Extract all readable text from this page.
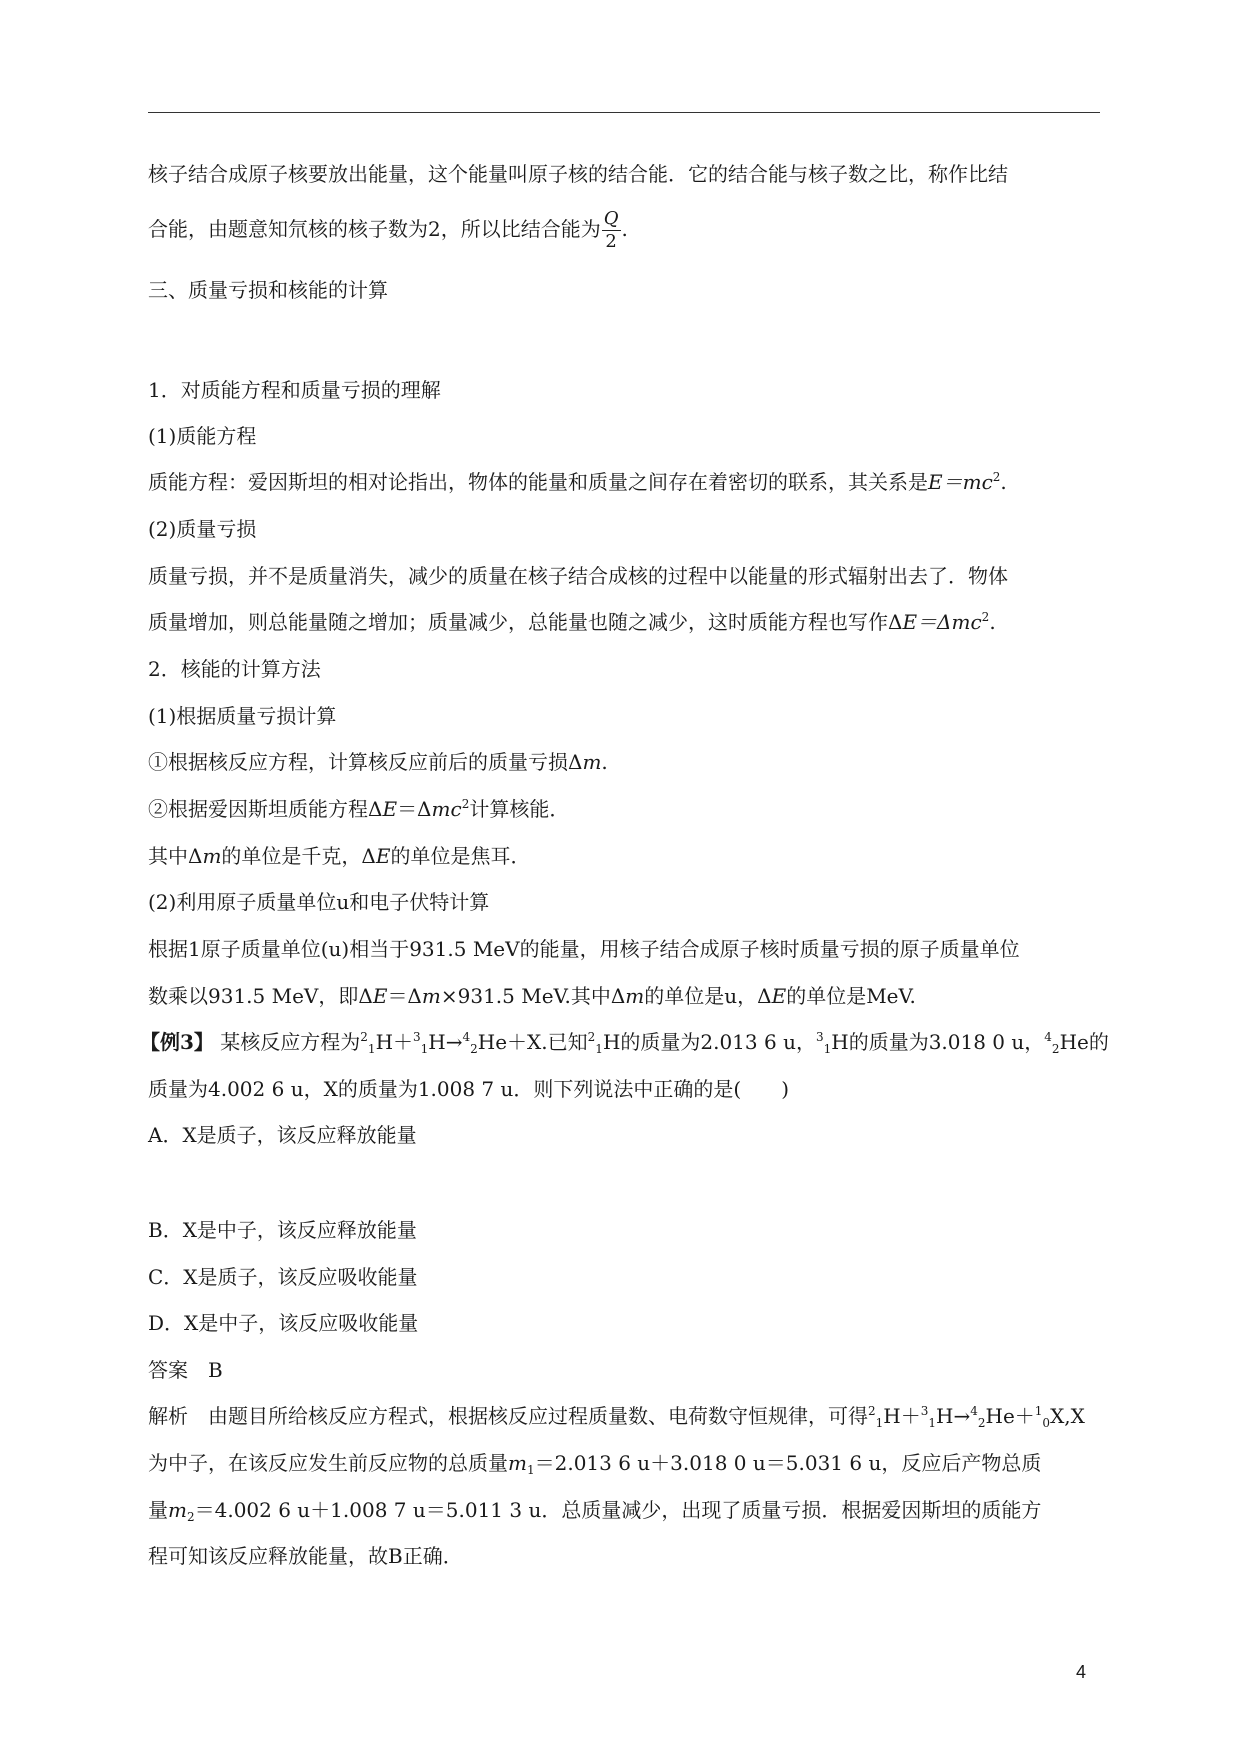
核子结合成原子核要放出能量，这个能量叫原子核的结合能．它的结合能与核子数之比，称作比结
合能，由题意知氘核的核子数为2，所以比结合能为 $\frac{Q}{2}$ .
三、质量亏损和核能的计算
1．对质能方程和质量亏损的理解
(1)质能方程
质能方程：爱因斯坦的相对论指出，物体的能量和质量之间存在着密切的联系，其关系是$E=mc^2$.
(2)质量亏损
质量亏损，并不是质量消失，减少的质量在核子结合成核的过程中以能量的形式辐射出去了．物体
质量增加，则总能量随之增加；质量减少，总能量也随之减少，这时质能方程也写作ΔE＝Δmc$^2$.
2．核能的计算方法
(1)根据质量亏损计算
①根据核反应方程，计算核反应前后的质量亏损Δm.
②根据爱因斯坦质能方程ΔE＝Δmc$^2$计算核能．
其中Δm的单位是千克，ΔE的单位是焦耳．
(2)利用原子质量单位u和电子伏特计算
根据1原子质量单位(u)相当于931.5 MeV的能量，用核子结合成原子核时质量亏损的原子质量单位
数乘以931.5 MeV，即ΔE＝Δm×931.5 MeV.其中Δm的单位是u，ΔE的单位是MeV.
【例3】 某核反应方程为$^2_1$H＋$^3_1$H→$^4_2$He＋X.已知$^2_1$H的质量为2.013 6 u，$^3_1$H的质量为3.018 0 u，$^4_2$He的
质量为4.002 6 u，X的质量为1.008 7 u．则下列说法中正确的是(　　)
A．X是质子，该反应释放能量
B．X是中子，该反应释放能量
C．X是质子，该反应吸收能量
D．X是中子，该反应吸收能量
答案　B
解析　由题目所给核反应方程式，根据核反应过程质量数、电荷数守恒规律，可得$^2_1$H＋$^3_1$H→$^4_2$He＋$^1_0$X,X
为中子，在该反应发生前反应物的总质量$m_1=2.013$ 6 u＋3.018 0 u＝5.031 6 u，反应后产物总质
量$m_2=4.002$ 6 u＋1.008 7 u＝5.011 3 u．总质量减少，出现了质量亏损．根据爱因斯坦的质能方
程可知该反应释放能量，故B正确．
4
